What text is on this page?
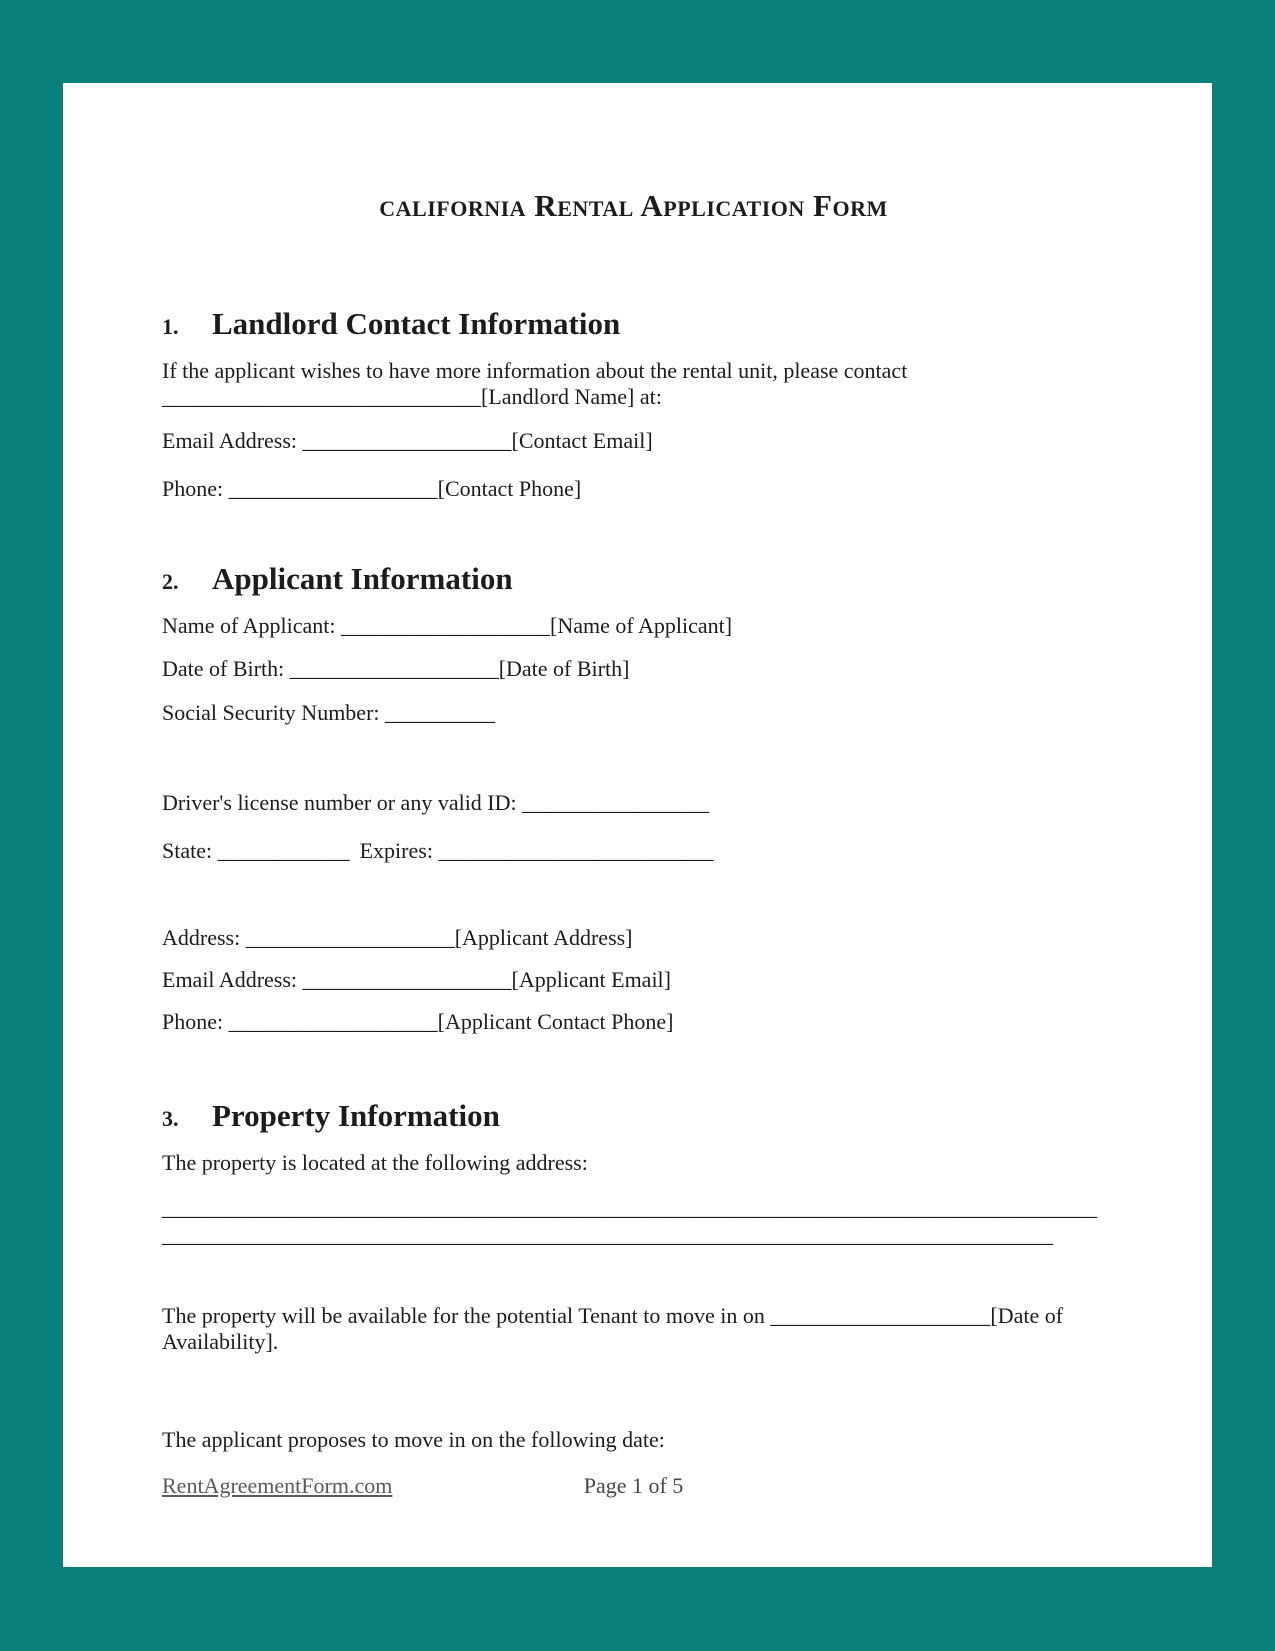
california Rental Application Form
1. Landlord Contact Information
If the applicant wishes to have more information about the rental unit, please contact
_____________________________[Landlord Name] at:
Email Address: ___________________[Contact Email]
Phone: ___________________[Contact Phone]
2. Applicant Information
Name of Applicant: ___________________[Name of Applicant]
Date of Birth: ___________________[Date of Birth]
Social Security Number: __________
Driver's license number or any valid ID: _________________
State: ____________ Expires: _________________________
Address: ___________________[Applicant Address]
Email Address: ___________________[Applicant Email]
Phone: ___________________[Applicant Contact Phone]
3. Property Information
The property is located at the following address:
_____________________________________________________________________________________
_________________________________________________________________________________
The property will be available for the potential Tenant to move in on ____________________[Date of Availability].
The applicant proposes to move in on the following date:
RentAgreementForm.com	Page 1 of 5
